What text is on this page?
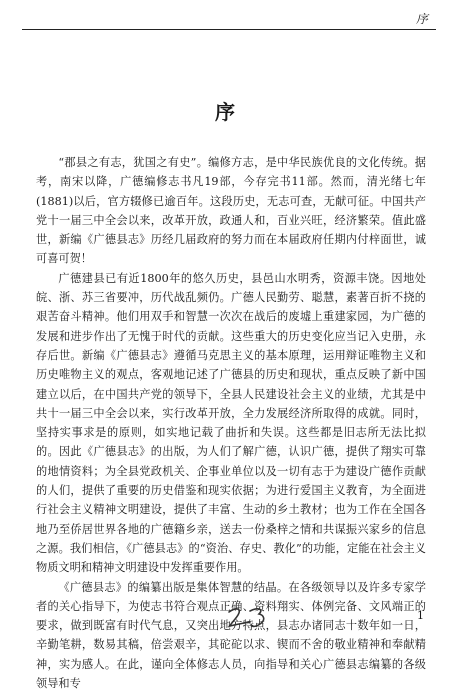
序
序

“郡县之有志，犹国之有史”。编修方志，是中华民族优良的文化传统。据考，南宋以降，广德编修志书凡19部，今存完书11部。然而，清光绪七年(1881)以后，官方辍修已逾百年。这段历史，无志可查，无献可征。中国共产党十一届三中全会以来，改革开放，政通人和，百业兴旺，经济繁荣。值此盛世，新编《广德县志》历经几届政府的努力而在本届政府任期内付梓面世，诚可喜可贺！

广德建县已有近1800年的悠久历史，县邑山水明秀，资源丰饶。因地处皖、浙、苏三省要冲，历代战乱频仍。广德人民勤劳、聪慧，素著百折不挠的艰苦奋斗精神。他们用双手和智慧一次次在战后的废墟上重建家园，为广德的发展和进步作出了无愧于时代的贡献。这些重大的历史变化应当记入史册，永存后世。新编《广德县志》遵循马克思主义的基本原理，运用辩证唯物主义和历史唯物主义的观点，客观地记述了广德县的历史和现状，重点反映了新中国建立以后，在中国共产党的领导下，全县人民建设社会主义的业绩，尤其是中共十一届三中全会以来，实行改革开放，全力发展经济所取得的成就。同时，坚持实事求是的原则，如实地记载了曲折和失误。这些都是旧志所无法比拟的。因此《广德县志》的出版，为人们了解广德，认识广德，提供了翔实可靠的地情资料；为全县党政机关、企事业单位以及一切有志于为建设广德作贡献的人们，提供了重要的历史借鉴和现实依据；为进行爱国主义教育，为全面进行社会主义精神文明建设，提供了丰富、生动的乡土教材；也为工作在全国各地乃至侨居世界各地的广德籍乡亲，送去一份桑梓之情和共谋振兴家乡的信息之源。我们相信，《广德县志》的“资治、存史、教化”的功能，定能在社会主义物质文明和精神文明建设中发挥重要作用。

《广德县志》的编纂出版是集体智慧的结晶。在各级领导以及许多专家学者的关心指导下，为使志书符合观点正确、资料翔实、体例完备、文风端正的要求，做到既富有时代气息，又突出地方特点，县志办诸同志十数年如一日，辛勤笔耕，数易其稿，倍尝艰辛，其砣砣以求、锲而不舍的敬业精神和奉献精神，实为感人。在此，谨向全体修志人员，向指导和关心广德县志编纂的各级领导和专

1
